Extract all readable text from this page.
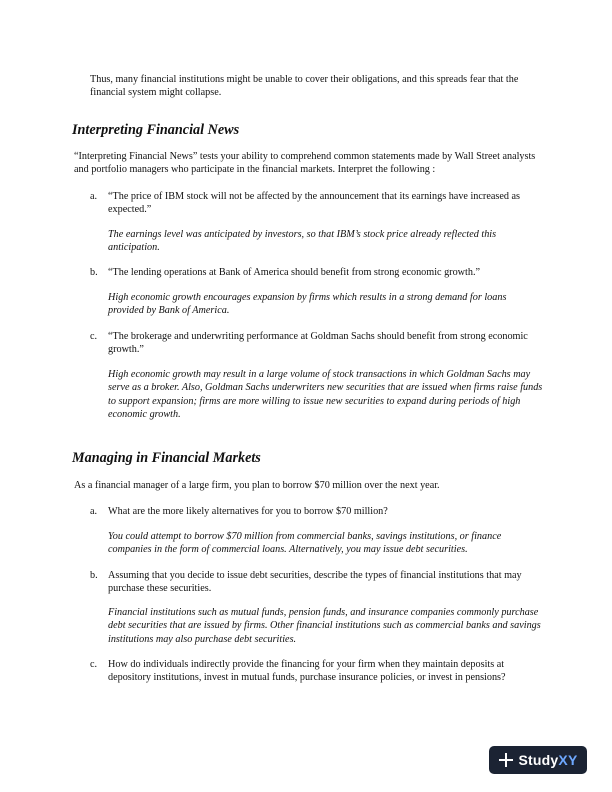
Thus, many financial institutions might be unable to cover their obligations, and this spreads fear that the financial system might collapse.

Interpreting Financial News

“Interpreting Financial News” tests your ability to comprehend common statements made by Wall Street analysts and portfolio managers who participate in the financial markets. Interpret the following :

a.	“The price of IBM stock will not be affected by the announcement that its earnings have increased as expected.”

The earnings level was anticipated by investors, so that IBM’s stock price already reflected this anticipation.

b.	“The lending operations at Bank of America should benefit from strong economic growth.”

High economic growth encourages expansion by firms which results in a strong demand for loans provided by Bank of America.

c.	“The brokerage and underwriting performance at Goldman Sachs should benefit from strong economic growth.”

High economic growth may result in a large volume of stock transactions in which Goldman Sachs may serve as a broker. Also, Goldman Sachs underwriters new securities that are issued when firms raise funds to support expansion; firms are more willing to issue new securities to expand during periods of high economic growth.

Managing in Financial Markets

As a financial manager of a large firm, you plan to borrow $70 million over the next year.

a.	What are the more likely alternatives for you to borrow $70 million?

You could attempt to borrow $70 million from commercial banks, savings institutions, or finance companies in the form of commercial loans. Alternatively, you may issue debt securities.

b.	Assuming that you decide to issue debt securities, describe the types of financial institutions that may purchase these securities.

Financial institutions such as mutual funds, pension funds, and insurance companies commonly purchase debt securities that are issued by firms. Other financial institutions such as commercial banks and savings institutions may also purchase debt securities.

c.	How do individuals indirectly provide the financing for your firm when they maintain deposits at depository institutions, invest in mutual funds, purchase insurance policies, or invest in pensions?

Study XY
